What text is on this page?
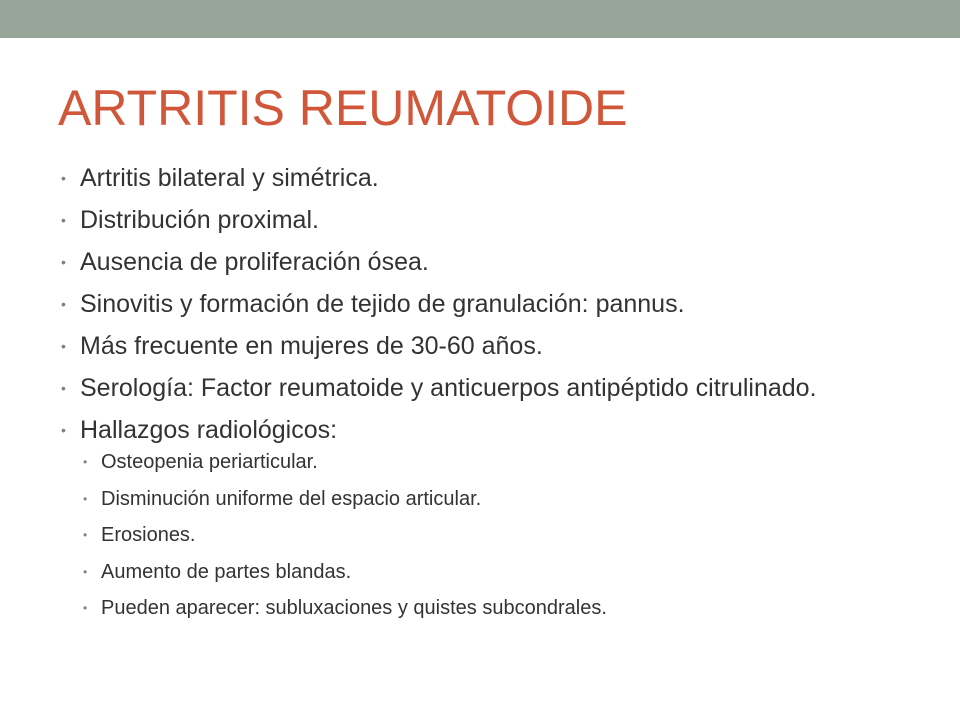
ARTRITIS REUMATOIDE
• Artritis bilateral y simétrica.
• Distribución proximal.
• Ausencia de proliferación ósea.
• Sinovitis y formación de tejido de granulación: pannus.
• Más frecuente en mujeres de 30-60 años.
• Serología: Factor reumatoide y anticuerpos antipéptido citrulinado.
• Hallazgos radiológicos:
• Osteopenia periarticular.
• Disminución uniforme del espacio articular.
• Erosiones.
• Aumento de partes blandas.
• Pueden aparecer: subluxaciones y quistes subcondrales.
